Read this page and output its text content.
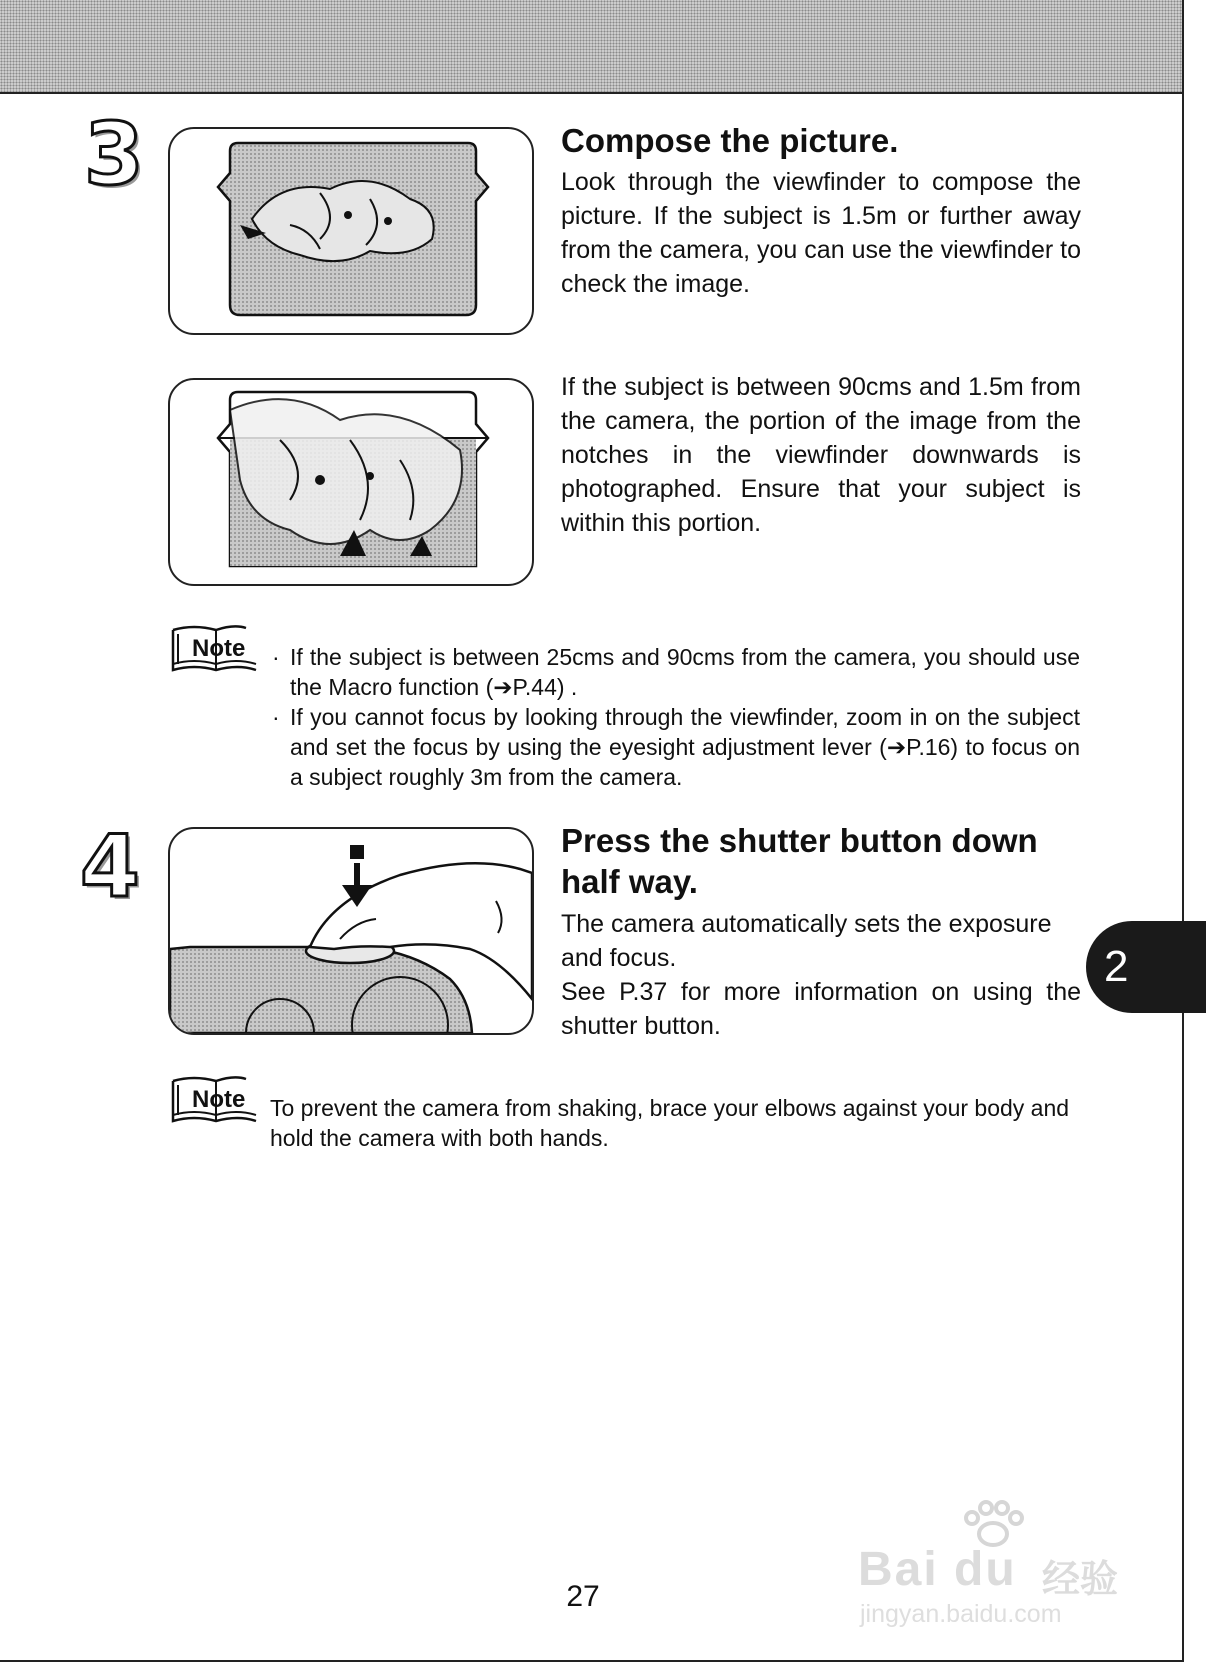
3	Compose the picture.

Look through the viewfinder to compose the picture. If the subject is 1.5m or further away from the camera, you can use the viewfinder to check the image.

If the subject is between 90cms and 1.5m from the camera, the portion of the image from the notches in the viewfinder downwards is photographed. Ensure that your subject is within this portion.

Note · If the subject is between 25cms and 90cms from the camera, you should use the Macro function (➔P.44) .
· If you cannot focus by looking through the viewfinder, zoom in on the subject and set the focus by using the eyesight adjustment lever (➔P.16) to focus on a subject roughly 3m from the camera.
4	Press the shutter button down half way.

The camera automatically sets the exposure and focus.

See P.37 for more information on using the shutter button.

Note To prevent the camera from shaking, brace your elbows against your body and hold the camera with both hands.

2
27
Bai du 经验
jingyan.baidu.com
